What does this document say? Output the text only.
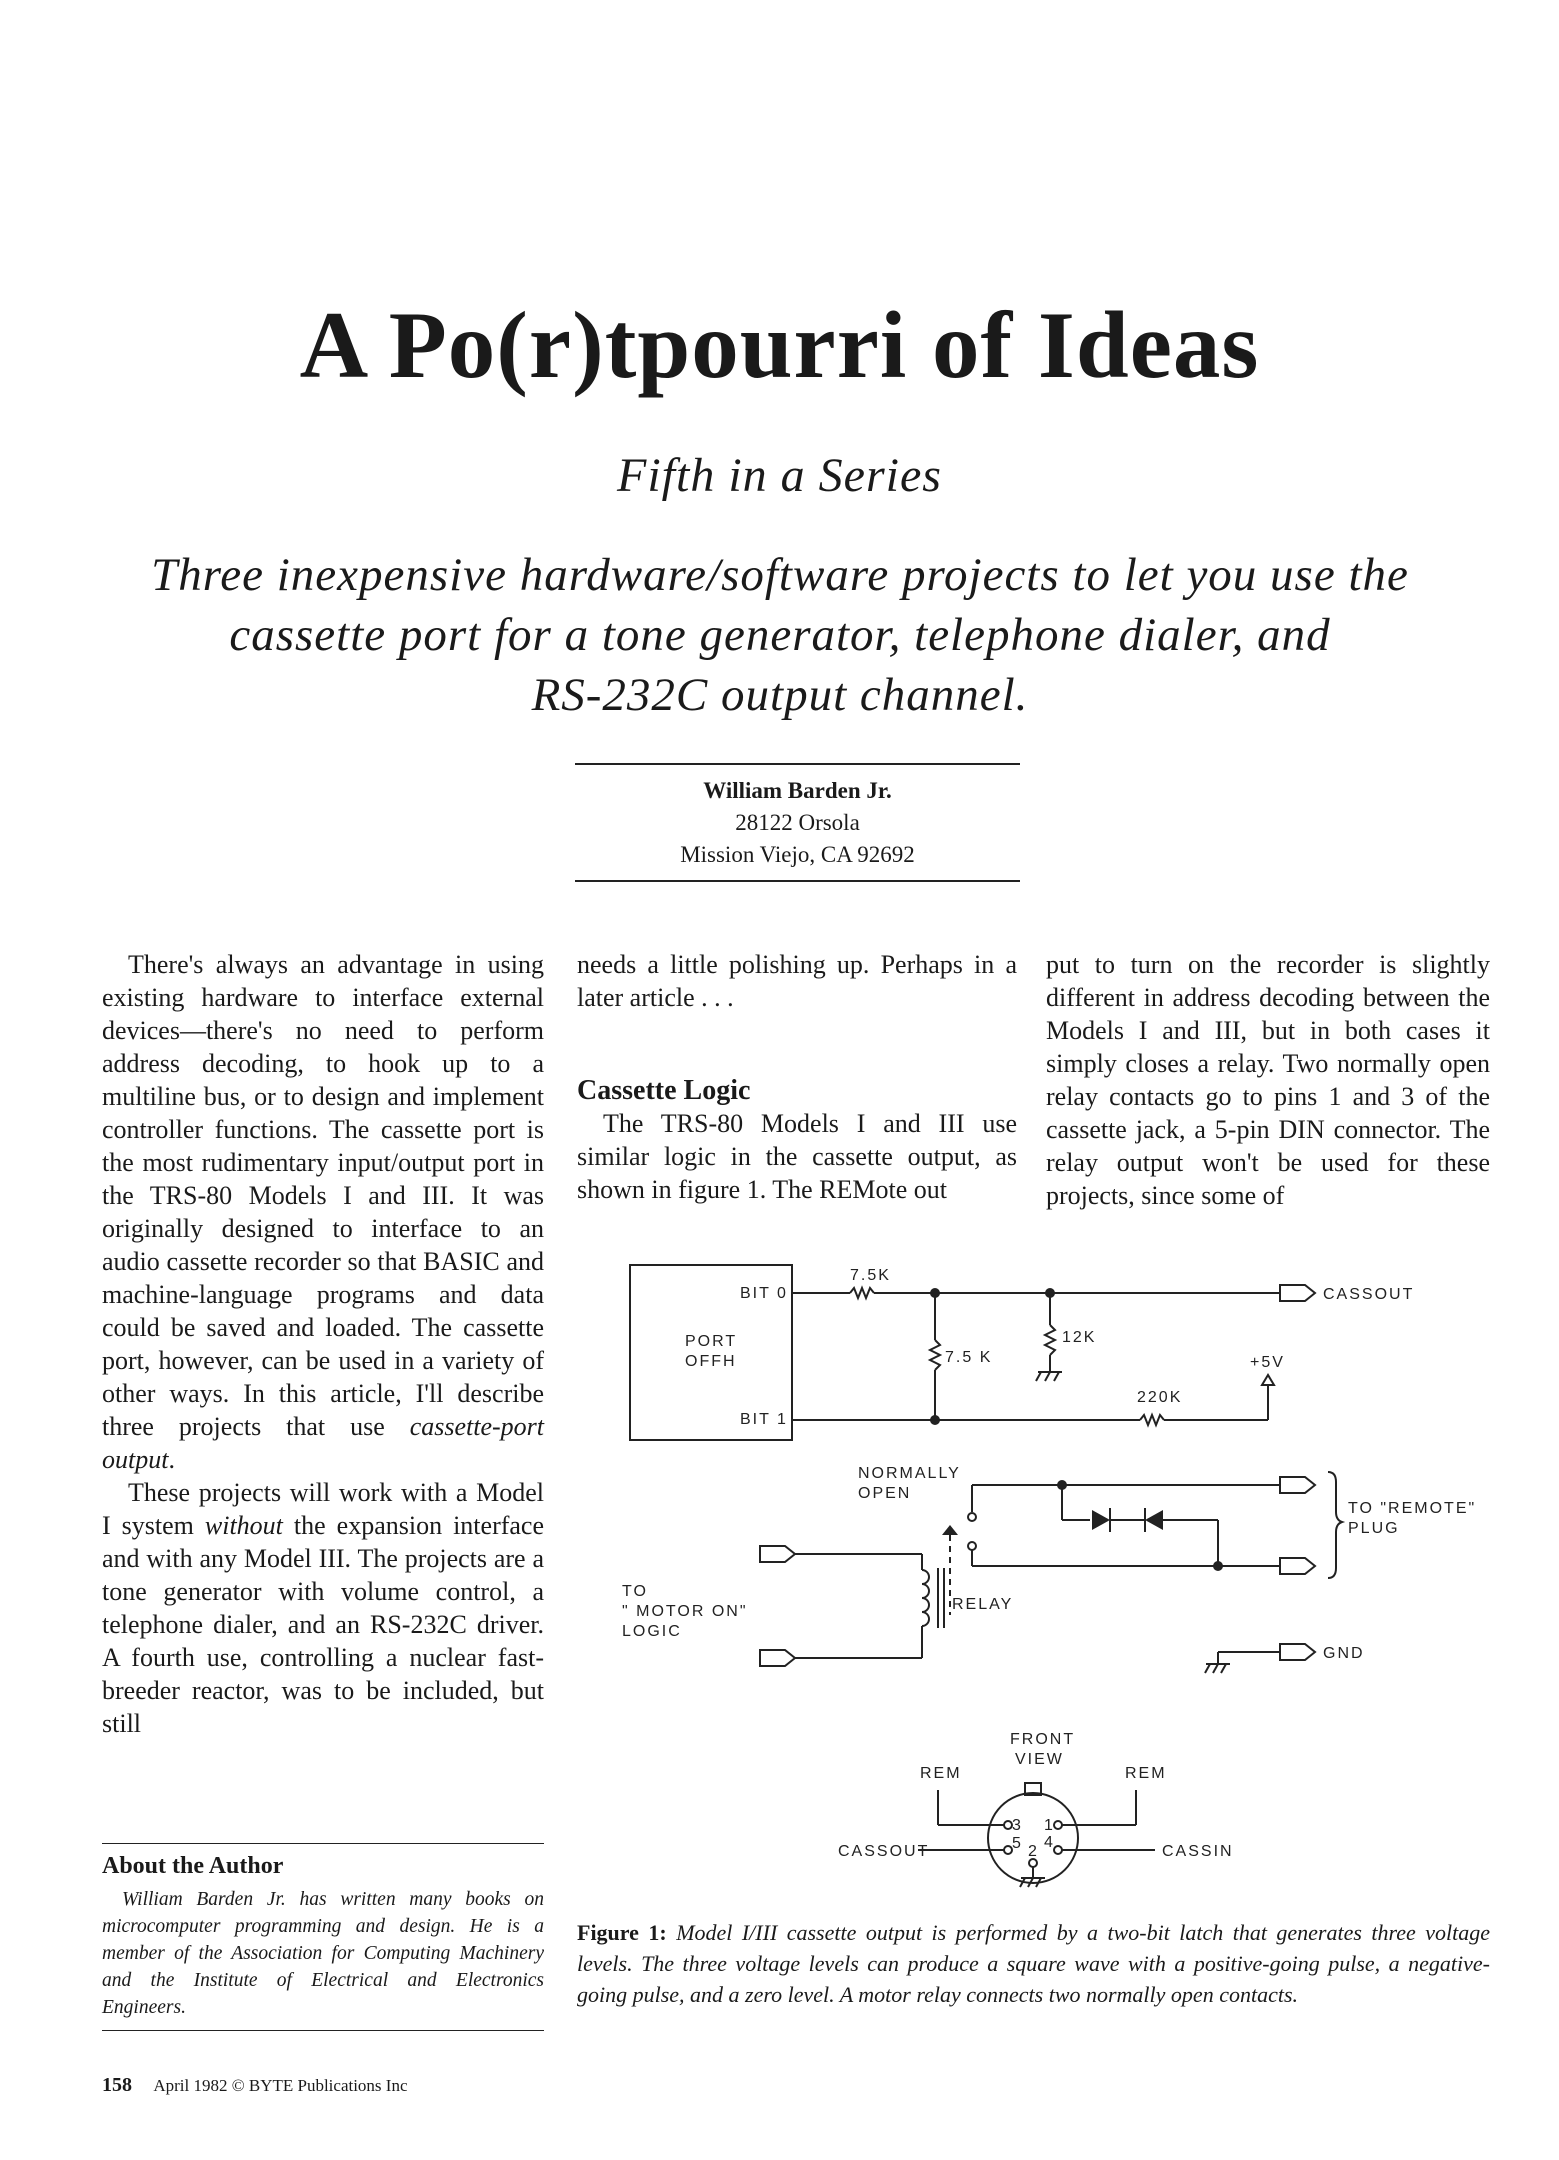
A Po(r)tpourri of Ideas
Fifth in a Series
Three inexpensive hardware/software projects to let you use the
cassette port for a tone generator, telephone dialer, and
RS-232C output channel.
William Barden Jr.
28122 Orsola
Mission Viejo, CA 92692

There's always an advantage in using existing hardware to interface external devices—there's no need to perform address decoding, to hook up to a multiline bus, or to design and implement controller functions. The cassette port is the most rudimentary input/output port in the TRS-80 Models I and III. It was originally designed to interface to an audio cassette recorder so that BASIC and machine-language programs and data could be saved and loaded. The cassette port, however, can be used in a variety of other ways. In this article, I'll describe three projects that use cassette-port output.

These projects will work with a Model I system without the expansion interface and with any Model III. The projects are a tone generator with volume control, a telephone dialer, and an RS-232C driver. A fourth use, controlling a nuclear fast-breeder reactor, was to be included, but still

needs a little polishing up. Perhaps in a later article . . .
Cassette Logic

The TRS-80 Models I and III use similar logic in the cassette output, as shown in figure 1. The REMote out

put to turn on the recorder is slightly different in address decoding between the Models I and III, but in both cases it simply closes a relay. Two normally open relay contacts go to pins 1 and 3 of the cassette jack, a 5-pin DIN connector. The relay output won't be used for these projects, since some of

BIT 0
PORT
OFFH
BIT 1
7.5K
7.5 K
12K
220K
+5V
CASSOUT
NORMALLY
OPEN
TO "REMOTE"
PLUG
RELAY
TO
" MOTOR ON"
LOGIC
GND
FRONT
VIEW
REM	REM
3 1
5 2
4
CASSOUT	CASSIN
About the Author
William Barden Jr. has written many books on microcomputer programming and design. He is a member of the Association for Computing Machinery and the Institute of Electrical and Electronics Engineers.
Figure 1: Model I/III cassette output is performed by a two-bit latch that generates three voltage levels. The three voltage levels can produce a square wave with a positive-going pulse, a negative-going pulse, and a zero level. A motor relay connects two normally open contacts.
158 April 1982 © BYTE Publications Inc
